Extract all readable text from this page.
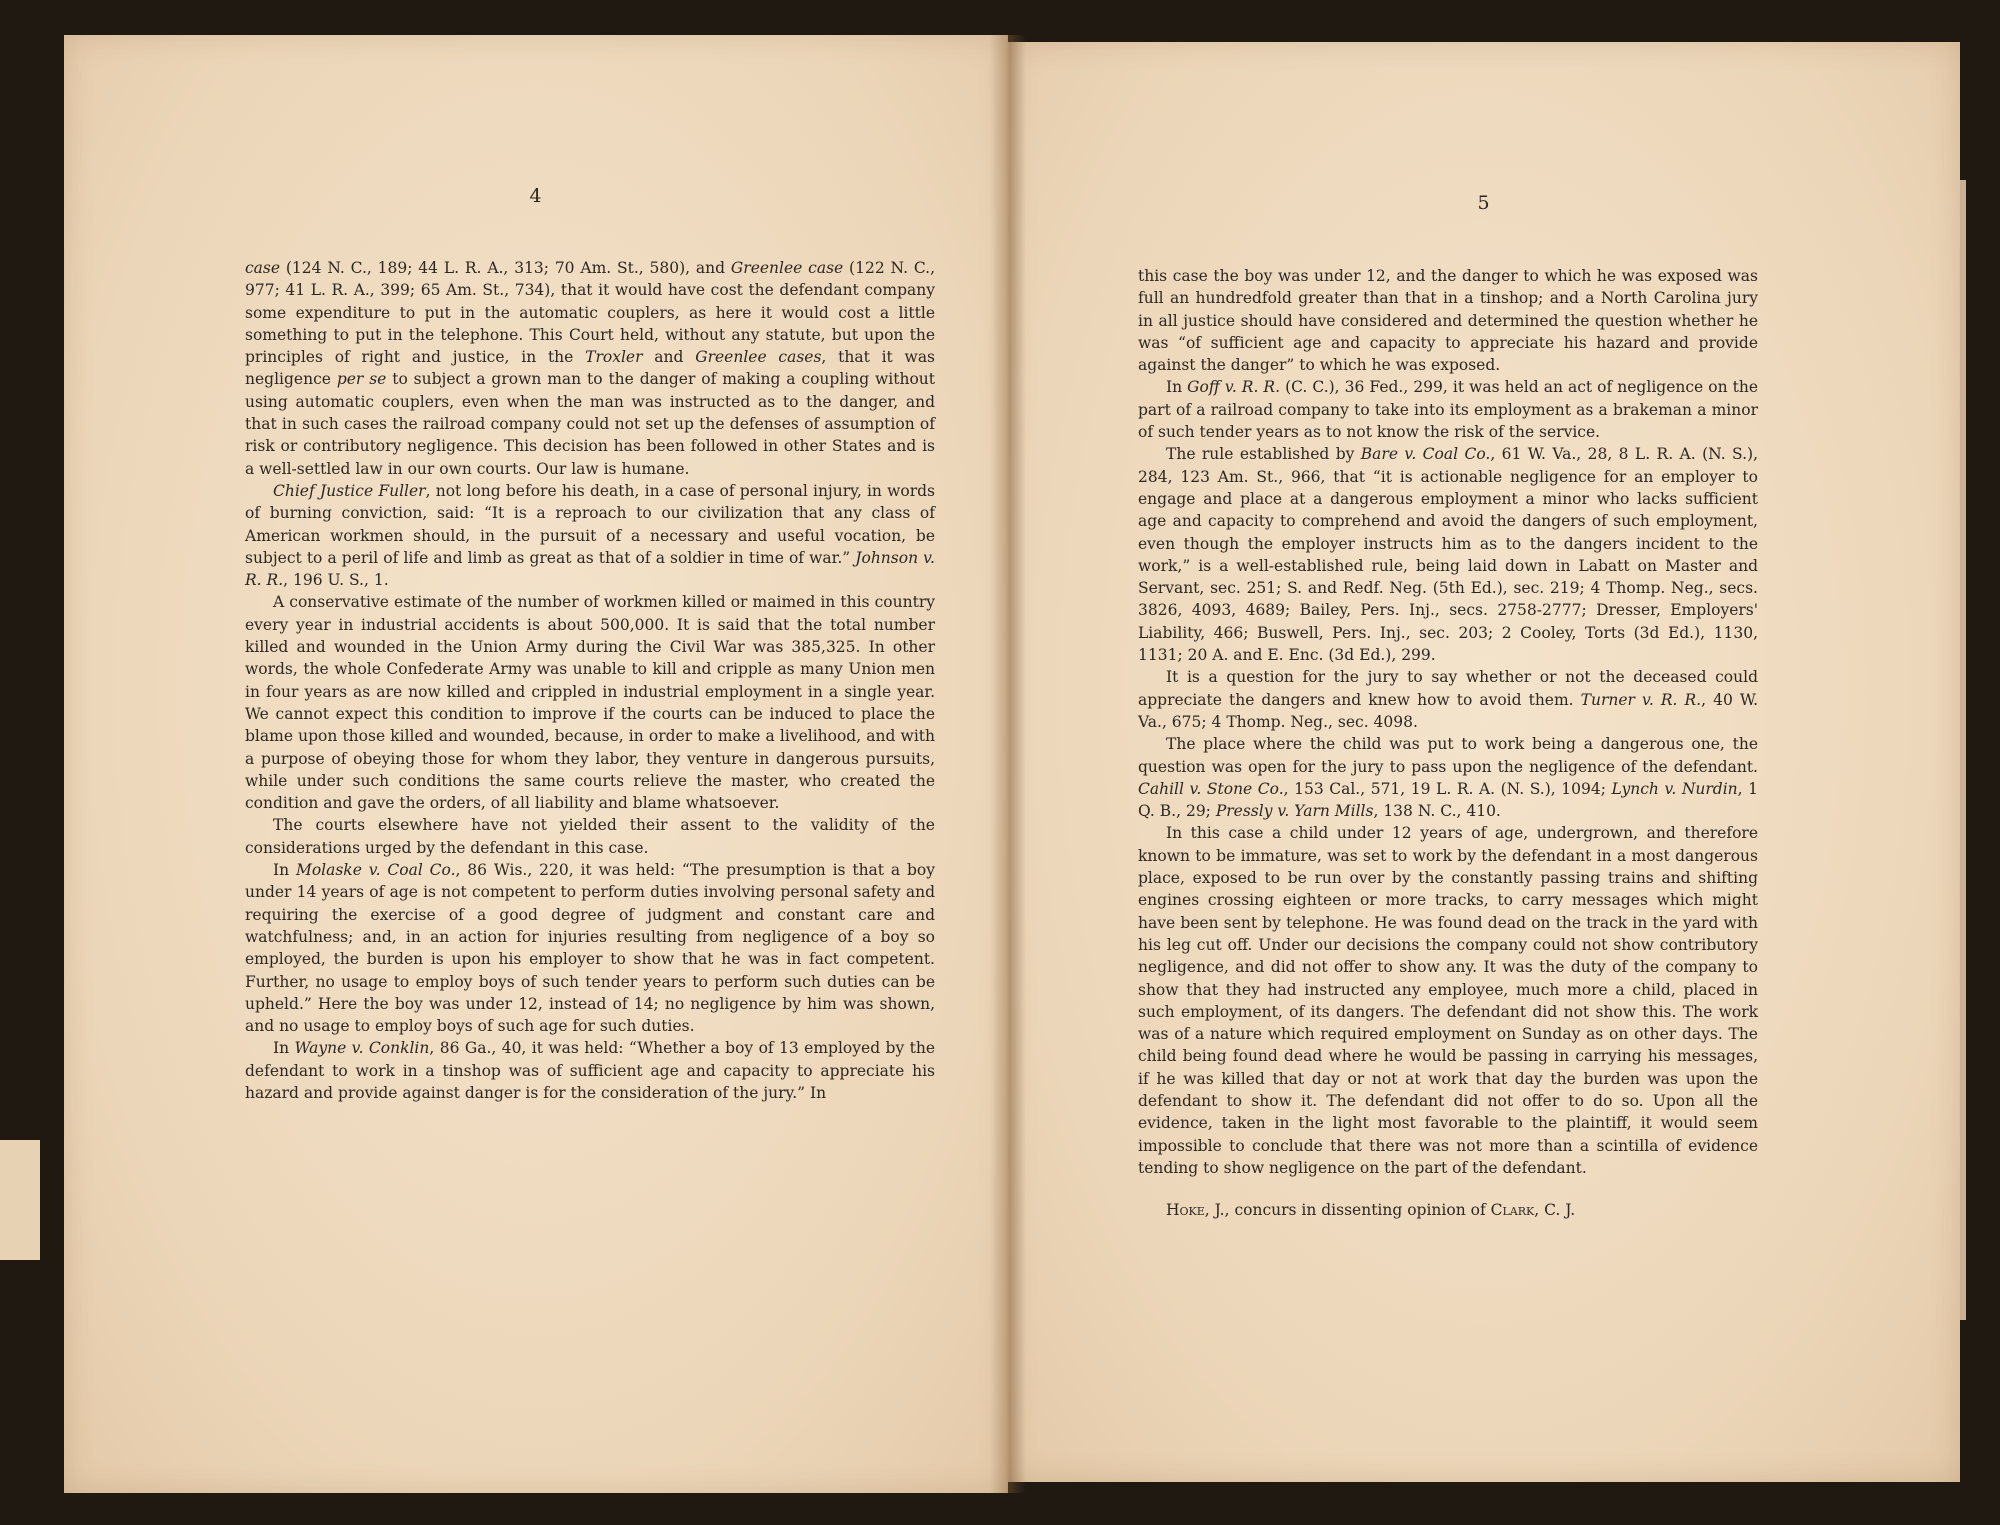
4

case (124 N. C., 189; 44 L. R. A., 313; 70 Am. St., 580), and Greenlee case (122 N. C., 977; 41 L. R. A., 399; 65 Am. St., 734), that it would have cost the defendant company some expenditure to put in the automatic couplers, as here it would cost a little something to put in the telephone. This Court held, without any statute, but upon the principles of right and justice, in the Troxler and Greenlee cases, that it was negligence per se to subject a grown man to the danger of making a coupling without using automatic couplers, even when the man was instructed as to the danger, and that in such cases the railroad company could not set up the defenses of assumption of risk or contributory negligence. This decision has been followed in other States and is a well-settled law in our own courts. Our law is humane.

Chief Justice Fuller, not long before his death, in a case of personal injury, in words of burning conviction, said: “It is a reproach to our civilization that any class of American workmen should, in the pursuit of a necessary and useful vocation, be subject to a peril of life and limb as great as that of a soldier in time of war.” Johnson v. R. R., 196 U. S., 1.

A conservative estimate of the number of workmen killed or maimed in this country every year in industrial accidents is about 500,000. It is said that the total number killed and wounded in the Union Army during the Civil War was 385,325. In other words, the whole Confederate Army was unable to kill and cripple as many Union men in four years as are now killed and crippled in industrial employment in a single year. We cannot expect this condition to improve if the courts can be induced to place the blame upon those killed and wounded, because, in order to make a livelihood, and with a purpose of obeying those for whom they labor, they venture in dangerous pursuits, while under such conditions the same courts relieve the master, who created the condition and gave the orders, of all liability and blame whatsoever.

The courts elsewhere have not yielded their assent to the validity of the considerations urged by the defendant in this case.

In Molaske v. Coal Co., 86 Wis., 220, it was held: “The presumption is that a boy under 14 years of age is not competent to perform duties involving personal safety and requiring the exercise of a good degree of judgment and constant care and watchfulness; and, in an action for injuries resulting from negligence of a boy so employed, the burden is upon his employer to show that he was in fact competent. Further, no usage to employ boys of such tender years to perform such duties can be upheld.” Here the boy was under 12, instead of 14; no negligence by him was shown, and no usage to employ boys of such age for such duties.

In Wayne v. Conklin, 86 Ga., 40, it was held: “Whether a boy of 13 employed by the defendant to work in a tinshop was of sufficient age and capacity to appreciate his hazard and provide against danger is for the consideration of the jury.” In

5

this case the boy was under 12, and the danger to which he was exposed was full an hundredfold greater than that in a tinshop; and a North Carolina jury in all justice should have considered and determined the question whether he was “of sufficient age and capacity to appreciate his hazard and provide against the danger” to which he was exposed.

In Goff v. R. R. (C. C.), 36 Fed., 299, it was held an act of negligence on the part of a railroad company to take into its employment as a brakeman a minor of such tender years as to not know the risk of the service.

The rule established by Bare v. Coal Co., 61 W. Va., 28, 8 L. R. A. (N. S.), 284, 123 Am. St., 966, that “it is actionable negligence for an employer to engage and place at a dangerous employment a minor who lacks sufficient age and capacity to comprehend and avoid the dangers of such employment, even though the employer instructs him as to the dangers incident to the work,” is a well-established rule, being laid down in Labatt on Master and Servant, sec. 251; S. and Redf. Neg. (5th Ed.), sec. 219; 4 Thomp. Neg., secs. 3826, 4093, 4689; Bailey, Pers. Inj., secs. 2758-2777; Dresser, Employers' Liability, 466; Buswell, Pers. Inj., sec. 203; 2 Cooley, Torts (3d Ed.), 1130, 1131; 20 A. and E. Enc. (3d Ed.), 299.

It is a question for the jury to say whether or not the deceased could appreciate the dangers and knew how to avoid them. Turner v. R. R., 40 W. Va., 675; 4 Thomp. Neg., sec. 4098.

The place where the child was put to work being a dangerous one, the question was open for the jury to pass upon the negligence of the defendant. Cahill v. Stone Co., 153 Cal., 571, 19 L. R. A. (N. S.), 1094; Lynch v. Nurdin, 1 Q. B., 29; Pressly v. Yarn Mills, 138 N. C., 410.

In this case a child under 12 years of age, undergrown, and therefore known to be immature, was set to work by the defendant in a most dangerous place, exposed to be run over by the constantly passing trains and shifting engines crossing eighteen or more tracks, to carry messages which might have been sent by telephone. He was found dead on the track in the yard with his leg cut off. Under our decisions the company could not show contributory negligence, and did not offer to show any. It was the duty of the company to show that they had instructed any employee, much more a child, placed in such employment, of its dangers. The defendant did not show this. The work was of a nature which required employment on Sunday as on other days. The child being found dead where he would be passing in carrying his messages, if he was killed that day or not at work that day the burden was upon the defendant to show it. The defendant did not offer to do so. Upon all the evidence, taken in the light most favorable to the plaintiff, it would seem impossible to conclude that there was not more than a scintilla of evidence tending to show negligence on the part of the defendant.

Hoke, J., concurs in dissenting opinion of Clark, C. J.
